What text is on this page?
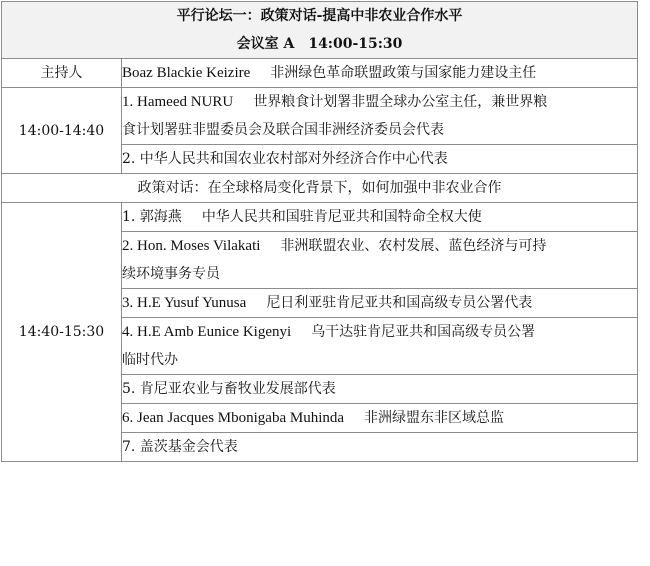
平行论坛一：政策对话-提高中非农业合作水平
会议室 A 14:00-15:30	

主持人	Boaz Blackie Keizire 非洲绿色革命联盟政策与国家能力建设主任
14:00-14:40	1. Hameed NURU 世界粮食计划署非盟全球办公室主任，兼世界粮
食计划署驻非盟委员会及联合国非洲经济委员会代表
	2. 中华人民共和国农业农村部对外经济合作中心代表
政策对话：在全球格局变化背景下，如何加强中非农业合作	
14:40-15:30	1. 郭海燕 中华人民共和国驻肯尼亚共和国特命全权大使
	2. Hon. Moses Vilakati 非洲联盟农业、农村发展、蓝色经济与可持
续环境事务专员
	3. H.E Yusuf Yunusa 尼日利亚驻肯尼亚共和国高级专员公署代表
	4. H.E Amb Eunice Kigenyi 乌干达驻肯尼亚共和国高级专员公署
临时代办
	5. 肯尼亚农业与畜牧业发展部代表
	6. Jean Jacques Mbonigaba Muhinda 非洲绿盟东非区域总监
	7. 盖茨基金会代表
